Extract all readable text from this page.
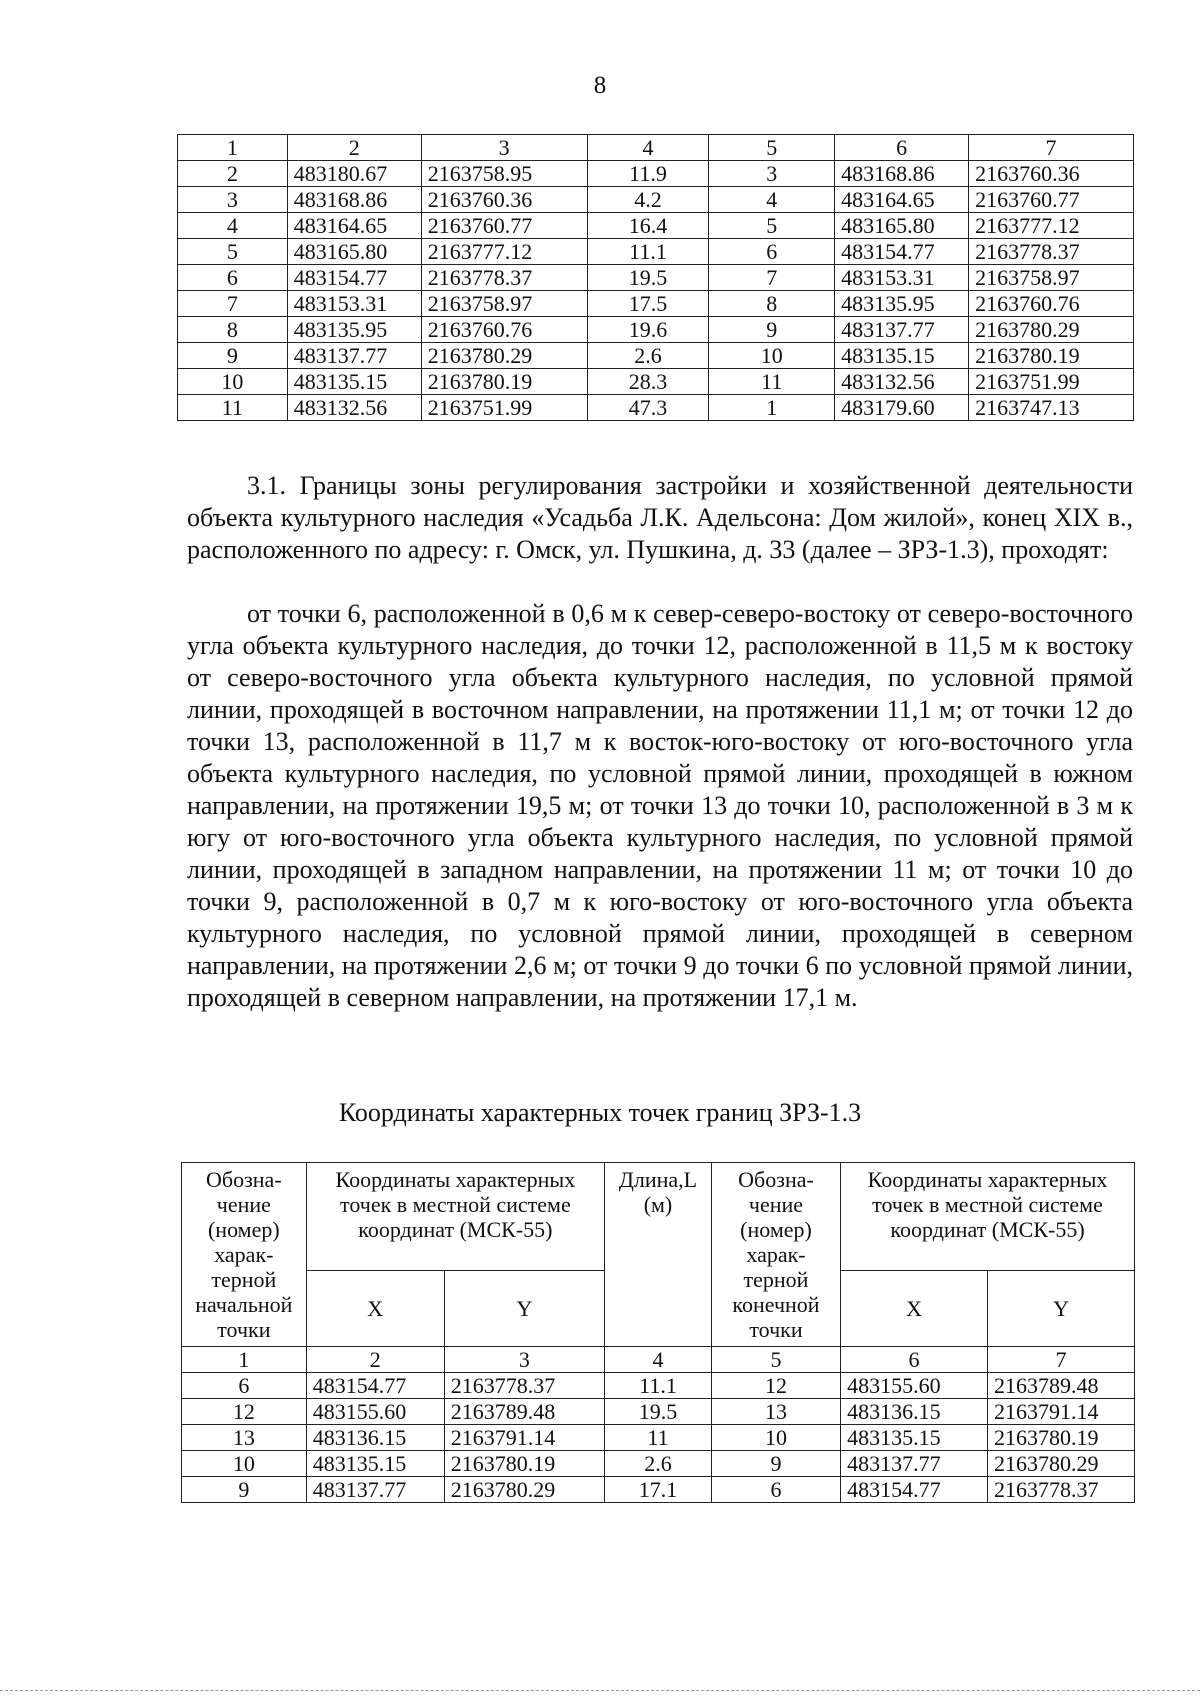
8
1	2	3	4	5	6	7
2	483180.67	2163758.95	11.9	3	483168.86	2163760.36
3	483168.86	2163760.36	4.2	4	483164.65	2163760.77
4	483164.65	2163760.77	16.4	5	483165.80	2163777.12
5	483165.80	2163777.12	11.1	6	483154.77	2163778.37
6	483154.77	2163778.37	19.5	7	483153.31	2163758.97
7	483153.31	2163758.97	17.5	8	483135.95	2163760.76
8	483135.95	2163760.76	19.6	9	483137.77	2163780.29
9	483137.77	2163780.29	2.6	10	483135.15	2163780.19
10	483135.15	2163780.19	28.3	11	483132.56	2163751.99
11	483132.56	2163751.99	47.3	1	483179.60	2163747.13

3.1. Границы зоны регулирования застройки и хозяйственной деятельности объекта культурного наследия «Усадьба Л.К. Адельсона: Дом жилой», конец XIX в., расположенного по адресу: г. Омск, ул. Пушкина, д. 33 (далее – ЗРЗ-1.3), проходят:

от точки 6, расположенной в 0,6 м к север-северо-востоку от северо-восточного угла объекта культурного наследия, до точки 12, расположенной в 11,5 м к востоку от северо-восточного угла объекта культурного наследия, по условной прямой линии, проходящей в восточном направлении, на протяжении 11,1 м; от точки 12 до точки 13, расположенной в 11,7 м к восток-юго-востоку от юго-восточного угла объекта культурного наследия, по условной прямой линии, проходящей в южном направлении, на протяжении 19,5 м; от точки 13 до точки 10, расположенной в 3 м к югу от юго-восточного угла объекта культурного наследия, по условной прямой линии, проходящей в западном направлении, на протяжении 11 м; от точки 10 до точки 9, расположенной в 0,7 м к юго-востоку от юго-восточного угла объекта культурного наследия, по условной прямой линии, проходящей в северном направлении, на протяжении 2,6 м; от точки 9 до точки 6 по условной прямой линии, проходящей в северном направлении, на протяжении 17,1 м.

Координаты характерных точек границ ЗРЗ-1.3
Обозна-чение (номер) харак-терной начальной точки	Координаты характерных точек в местной системе координат (МСК-55)		Длина,L (м)	Обозна-чение (номер) харак-терной конечной точки	Координаты характерных точек в местной системе координат (МСК-55)	
	X	Y			X	Y
1	2	3	4	5	6	7
6	483154.77	2163778.37	11.1	12	483155.60	2163789.48
12	483155.60	2163789.48	19.5	13	483136.15	2163791.14
13	483136.15	2163791.14	11	10	483135.15	2163780.19
10	483135.15	2163780.19	2.6	9	483137.77	2163780.29
9	483137.77	2163780.29	17.1	6	483154.77	2163778.37
